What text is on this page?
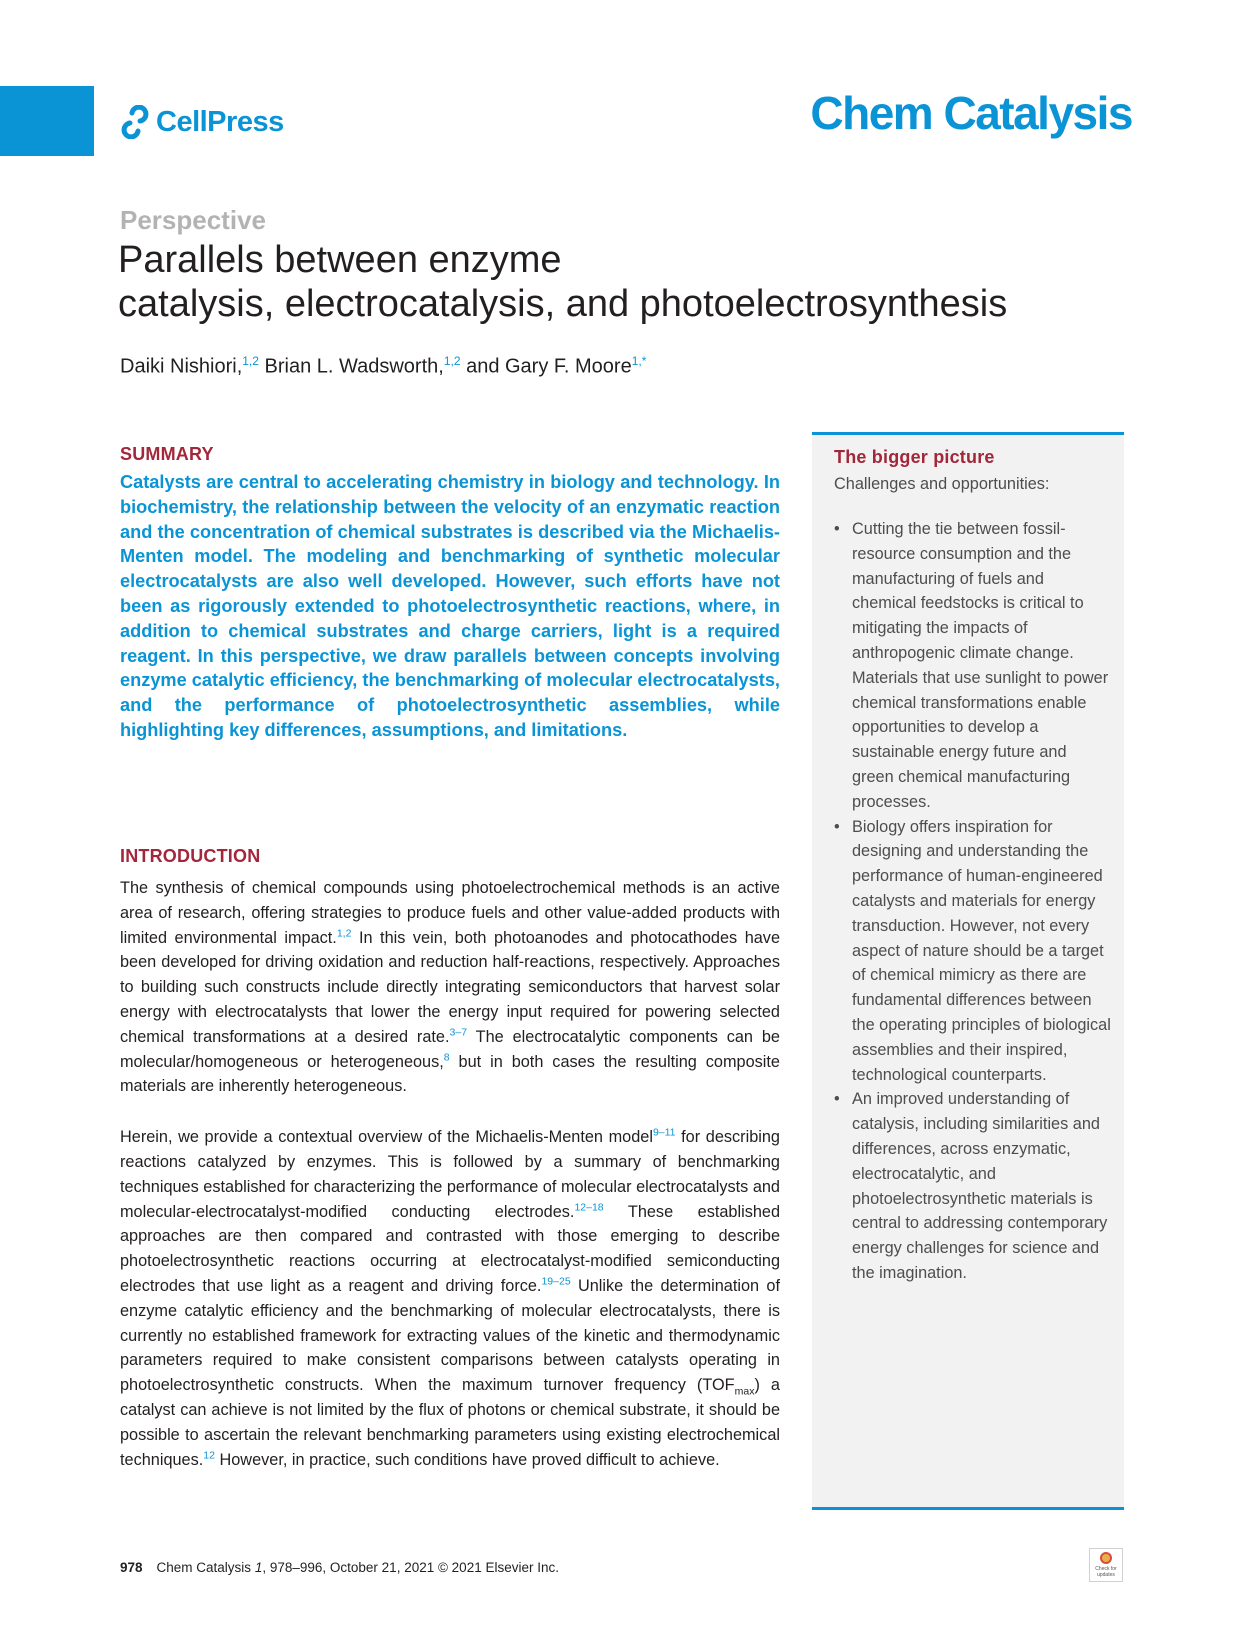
CellPress	Chem Catalysis
Perspective
Parallels between enzyme
catalysis, electrocatalysis, and photoelectrosynthesis
Daiki Nishiori,$^{1,2}$ Brian L. Wadsworth,$^{1,2}$ and Gary F. Moore$^{1,*}$
SUMMARY

Catalysts are central to accelerating chemistry in biology and technology. In biochemistry, the relationship between the velocity of an enzymatic reaction and the concentration of chemical substrates is described via the Michaelis-Menten model. The modeling and benchmarking of synthetic molecular electrocatalysts are also well developed. However, such efforts have not been as rigorously extended to photoelectrosynthetic reactions, where, in addition to chemical substrates and charge carriers, light is a required reagent. In this perspective, we draw parallels between concepts involving enzyme catalytic efficiency, the benchmarking of molecular electrocatalysts, and the performance of photoelectrosynthetic assemblies, while highlighting key differences, assumptions, and limitations.

INTRODUCTION

The synthesis of chemical compounds using photoelectrochemical methods is an active area of research, offering strategies to produce fuels and other value-added products with limited environmental impact.$^{1,2}$ In this vein, both photoanodes and photocathodes have been developed for driving oxidation and reduction half-reactions, respectively. Approaches to building such constructs include directly integrating semiconductors that harvest solar energy with electrocatalysts that lower the energy input required for powering selected chemical transformations at a desired rate.$^{3-7}$ The electrocatalytic components can be molecular/homogeneous or heterogeneous,$^8$ but in both cases the resulting composite materials are inherently heterogeneous.

Herein, we provide a contextual overview of the Michaelis-Menten model$^{9-11}$ for describing reactions catalyzed by enzymes. This is followed by a summary of benchmarking techniques established for characterizing the performance of molecular electrocatalysts and molecular-electrocatalyst-modified conducting electrodes.$^{12-18}$ These established approaches are then compared and contrasted with those emerging to describe photoelectrosynthetic reactions occurring at electrocatalyst-modified semiconducting electrodes that use light as a reagent and driving force.$^{19-25}$ Unlike the determination of enzyme catalytic efficiency and the benchmarking of molecular electrocatalysts, there is currently no established framework for extracting values of the kinetic and thermodynamic parameters required to make consistent comparisons between catalysts operating in photoelectrosynthetic constructs. When the maximum turnover frequency $(TOF_{max})$ a catalyst can achieve is not limited by the flux of photons or chemical substrate, it should be possible to ascertain the relevant benchmarking parameters using existing electrochemical techniques.$^{12}$ However, in practice, such conditions have proved difficult to achieve.

The bigger picture
Challenges and opportunities:
• Cutting the tie between fossil-resource consumption and the manufacturing of fuels and chemical feedstocks is critical to mitigating the impacts of anthropogenic climate change. Materials that use sunlight to power chemical transformations enable opportunities to develop a sustainable energy future and green chemical manufacturing processes.
• Biology offers inspiration for designing and understanding the performance of human-engineered catalysts and materials for energy transduction. However, not every aspect of nature should be a target of chemical mimicry as there are fundamental differences between the operating principles of biological assemblies and their inspired, technological counterparts.
• An improved understanding of catalysis, including similarities and differences, across enzymatic, electrocatalytic, and photoelectrosynthetic materials is central to addressing contemporary energy challenges for science and the imagination.
978 Chem Catalysis 1, 978–996, October 21, 2021 © 2021 Elsevier Inc.	Check for updates
